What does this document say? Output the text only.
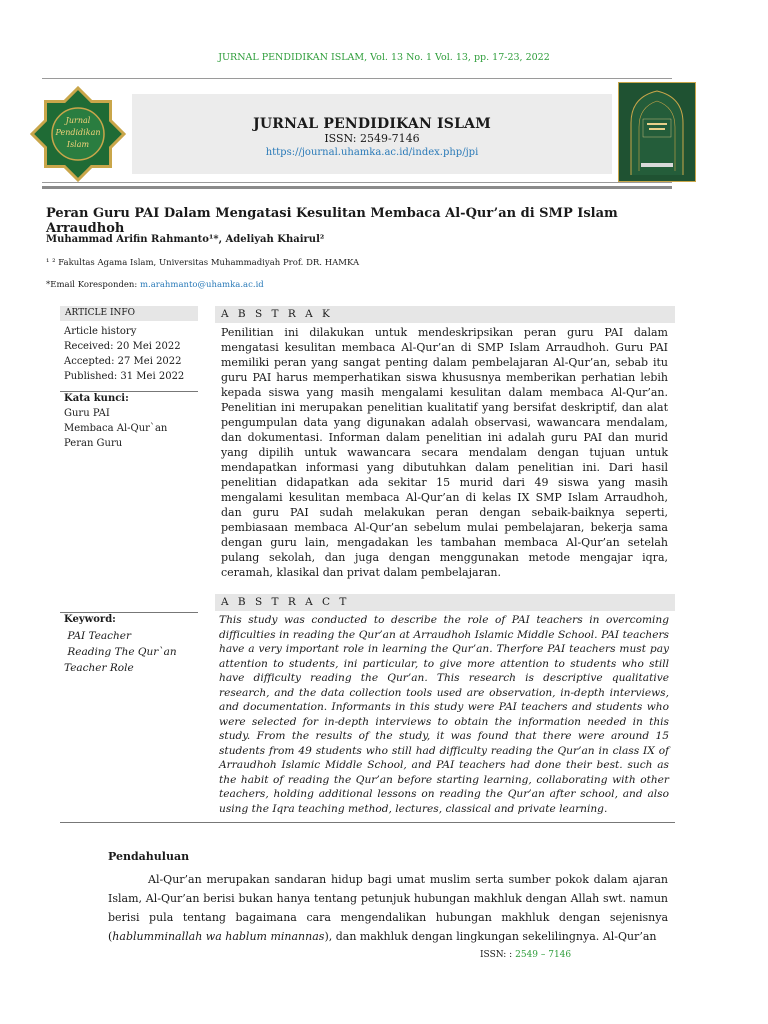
JURNAL PENDIDIKAN ISLAM, Vol. 13 No. 1 Vol. 13, pp. 17-23, 2022
Jurnal
Pendidikan
Islam
JURNAL PENDIDIKAN ISLAM
ISSN: 2549-7146
https://journal.uhamka.ac.id/index.php/jpi
Peran Guru PAI Dalam Mengatasi Kesulitan Membaca Al-Qur’an di SMP Islam Arraudhoh
Muhammad Arifin Rahmanto¹*, Adeliyah Khairul²
¹ ² Fakultas Agama Islam, Universitas Muhammadiyah Prof. DR. HAMKA
*Email Koresponden: m.arahmanto@uhamka.ac.id
ARTICLE INFO
Article history
Received: 20 Mei 2022
Accepted: 27 Mei 2022
Published: 31 Mei 2022
Kata kunci:
Guru PAI
Membaca Al-Qur`an
Peran Guru
A B S T R A K
Penilitian ini dilakukan untuk mendeskripsikan peran guru PAI dalam mengatasi kesulitan membaca Al-Qur’an di SMP Islam Arraudhoh. Guru PAI memiliki peran yang sangat penting dalam pembelajaran Al-Qur’an, sebab itu guru PAI harus memperhatikan siswa khususnya memberikan perhatian lebih kepada siswa yang masih mengalami kesulitan dalam membaca Al-Qur’an. Penelitian ini merupakan penelitian kualitatif yang bersifat deskriptif, dan alat pengumpulan data yang digunakan adalah observasi, wawancara mendalam, dan dokumentasi. Informan dalam penelitian ini adalah guru PAI dan murid yang dipilih untuk wawancara secara mendalam dengan tujuan untuk mendapatkan informasi yang dibutuhkan dalam penelitian ini. Dari hasil penelitian didapatkan ada sekitar 15 murid dari 49 siswa yang masih mengalami kesulitan membaca Al-Qur’an di kelas IX SMP Islam Arraudhoh, dan guru PAI sudah melakukan peran dengan sebaik-baiknya seperti, pembiasaan membaca Al-Qur’an sebelum mulai pembelajaran, bekerja sama dengan guru lain, mengadakan les tambahan membaca Al-Qur’an setelah pulang sekolah, dan juga dengan menggunakan metode mengajar iqra, ceramah, klasikal dan privat dalam pembelajaran.
Keyword:
PAI Teacher
Reading The Qur`an
Teacher Role
A B S T R A C T
This study was conducted to describe the role of PAI teachers in overcoming difficulties in reading the Qur’an at Arraudhoh Islamic Middle School. PAI teachers have a very important role in learning the Qur’an. Therfore PAI teachers must pay attention to students, ini particular, to give more attention to students who still have difficulty reading the Qur’an. This research is descriptive qualitative research, and the data collection tools used are observation, in-depth interviews, and documentation. Informants in this study were PAI teachers and students who were selected for in-depth interviews to obtain the information needed in this study. From the results of the study, it was found that there were around 15 students from 49 students who still had difficulty reading the Qur’an in class IX of Arraudhoh Islamic Middle School, and PAI teachers had done their best. such as the habit of reading the Qur’an before starting learning, collaborating with other teachers, holding additional lessons on reading the Qur’an after school, and also using the Iqra teaching method, lectures, classical and private learning.
Pendahuluan
Al-Qur’an merupakan sandaran hidup bagi umat muslim serta sumber pokok dalam ajaran Islam, Al-Qur’an berisi bukan hanya tentang petunjuk hubungan makhluk dengan Allah swt. namun berisi pula tentang bagaimana cara mengendalikan hubungan makhluk dengan sejenisnya (hablumminallah wa hablum minannas), dan makhluk dengan lingkungan sekelilingnya. Al-Qur’an
ISSN: : 2549 – 7146
